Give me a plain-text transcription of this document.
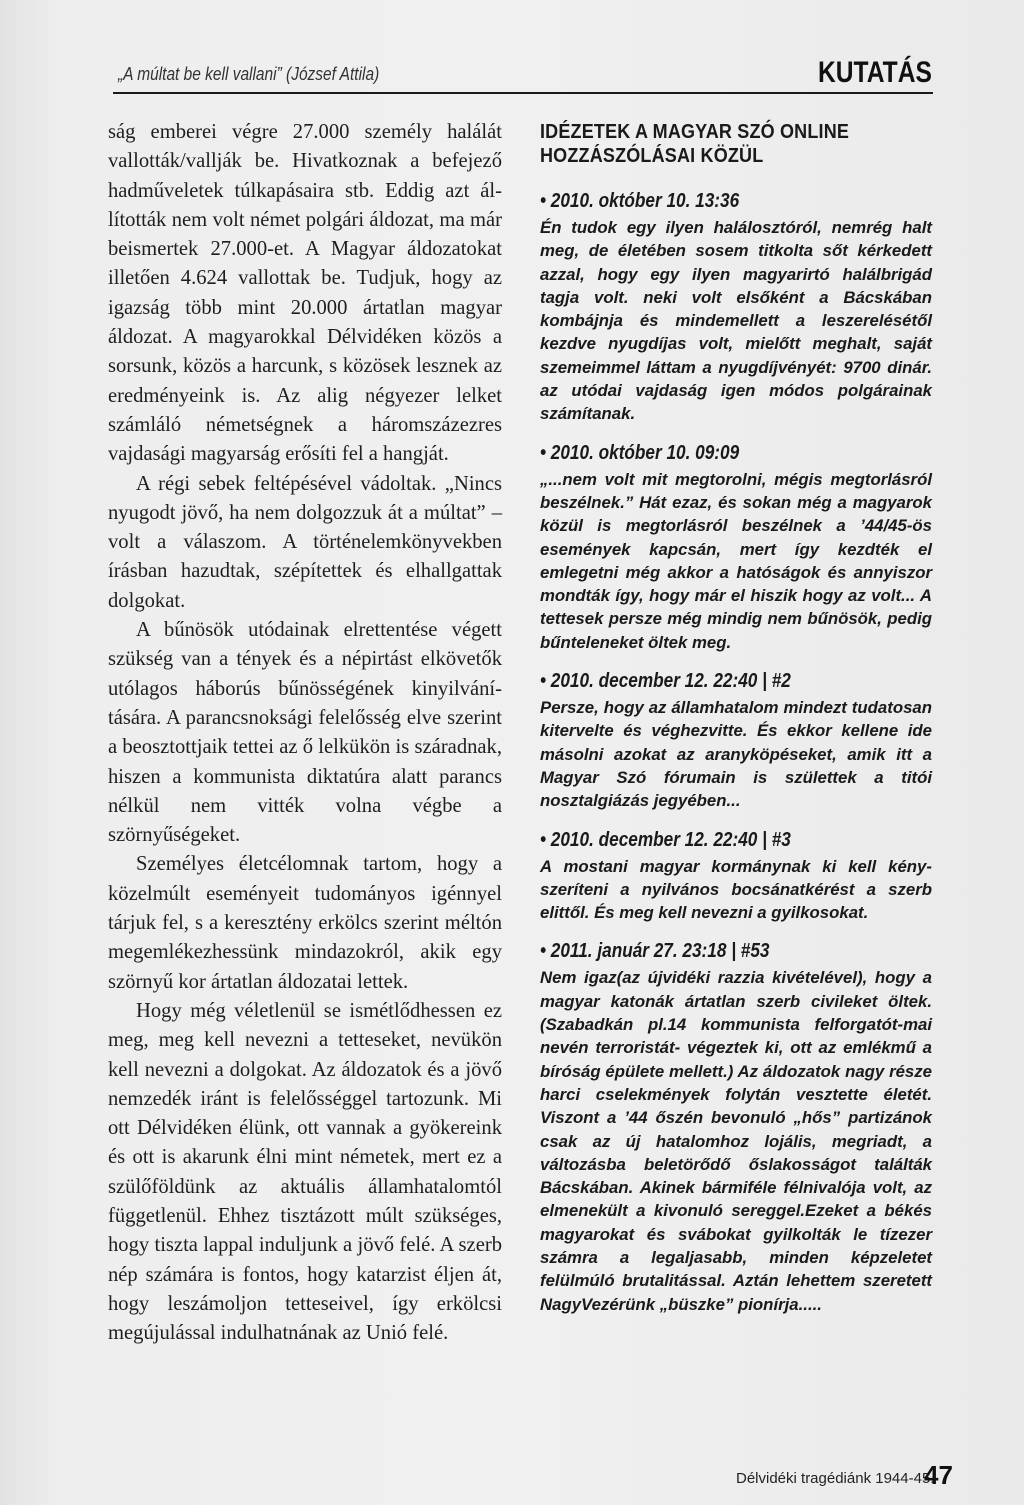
„A múltat be kell vallani” (József Attila)	KUTATÁS

ság emberei végre 27.000 személy halálát vallották/vallják be. Hivatkoznak a befejező hadműveletek túlkapásaira stb. Eddig azt állították nem volt német polgári áldozat, ma már beismertek 27.000-et. A Magyar áldozatokat illetően 4.624 vallottak be. Tudjuk, hogy az igazság több mint 20.000 ártatlan magyar áldozat. A magyarokkal Délvidéken közös a sorsunk, közös a harcunk, s közösek lesznek az eredményeink is. Az alig négyezer lelket számláló németségnek a háromszázezres vajdasági magyarság erősíti fel a hangját.

A régi sebek feltépésével vádoltak. „Nincs nyugodt jövő, ha nem dolgozzuk át a múltat” – volt a válaszom. A történelemkönyvekben írásban hazudtak, szépítettek és elhallgattak dolgokat.

A bűnösök utódainak elrettentése végett szükség van a tények és a népirtást elkövetők utólagos háborús bűnösségének kinyilvánítására. A parancsnoksági felelősség elve szerint a beosztottjaik tettei az ő lelkükön is száradnak, hiszen a kommunista diktatúra alatt parancs nélkül nem vitték volna végbe a szörnyűségeket.

Személyes életcélomnak tartom, hogy a közelmúlt eseményeit tudományos igénnyel tárjuk fel, s a keresztény erkölcs szerint méltón megemlékezhessünk mindazokról, akik egy szörnyű kor ártatlan áldozatai lettek.

Hogy még véletlenül se ismétlődhessen ez meg, meg kell nevezni a tetteseket, nevükön kell nevezni a dolgokat. Az áldozatok és a jövő nemzedék iránt is felelősséggel tartozunk. Mi ott Délvidéken élünk, ott vannak a gyökereink és ott is akarunk élni mint németek, mert ez a szülőföldünk az aktuális államhatalomtól függetlenül. Ehhez tisztázott múlt szükséges, hogy tiszta lappal induljunk a jövő felé. A szerb nép számára is fontos, hogy katarzist éljen át, hogy leszámoljon tetteseivel, így erkölcsi megújulással indulhatnának az Unió felé.

IDÉZETEK A MAGYAR SZÓ ONLINE HOZZÁSZÓLÁSAI KÖZÜL
• 2010. október 10. 13:36
Én tudok egy ilyen halálosztóról, nemrég halt meg, de életében sosem titkolta sőt kérkedett azzal, hogy egy ilyen magyarirtó halálbrigád tagja volt. neki volt elsőként a Bácskában kombájnja és mindemellett a leszerelésétől kezdve nyugdíjas volt, mielőtt meghalt, saját szemeimmel láttam a nyugdíjvényét: 9700 dinár. az utódai vajdaság igen módos polgárainak számítanak.
• 2010. október 10. 09:09
„...nem volt mit megtorolni, mégis megtorlásról beszélnek.” Hát ezaz, és sokan még a magyarok közül is megtorlásról beszélnek a ’44/45-ös események kapcsán, mert így kezdték el emlegetni még akkor a hatóságok és annyiszor mondták így, hogy már el hiszik hogy az volt... A tettesek persze még mindig nem bűnösök, pedig bűnteleneket öltek meg.
• 2010. december 12. 22:40 | #2
Persze, hogy az államhatalom mindezt tudatosan kitervelte és véghezvitte. És ekkor kellene ide másolni azokat az aranyköpéseket, amik itt a Magyar Szó fórumain is születtek a titói nosztalgiázás jegyében...
• 2010. december 12. 22:40 | #3
A mostani magyar kormánynak ki kell kényszeríteni a nyilvános bocsánatkérést a szerb elittől. És meg kell nevezni a gyilkosokat.
• 2011. január 27. 23:18 | #53
Nem igaz(az újvidéki razzia kivételével), hogy a magyar katonák ártatlan szerb civileket öltek.(Szabadkán pl.14 kommunista felforgatót-mai nevén terroristát- végeztek ki, ott az emlékmű a bíróság épülete mellett.) Az áldozatok nagy része harci cselekmények folytán vesztette életét. Viszont a ’44 őszén bevonuló „hős” partizánok csak az új hatalomhoz lojális, megriadt, a változásba beletörődő őslakosságot találták Bácskában. Akinek bármiféle félnivalója volt, az elmenekült a kivonuló sereggel.Ezeket a békés magyarokat és svábokat gyilkolták le tízezer számra a legaljasabb, minden képzeletet felülmúló brutalitással. Aztán lehettem szeretett NagyVezérünk „büszke” pionírja.....
Délvidéki tragédiánk 1944-45.
47
